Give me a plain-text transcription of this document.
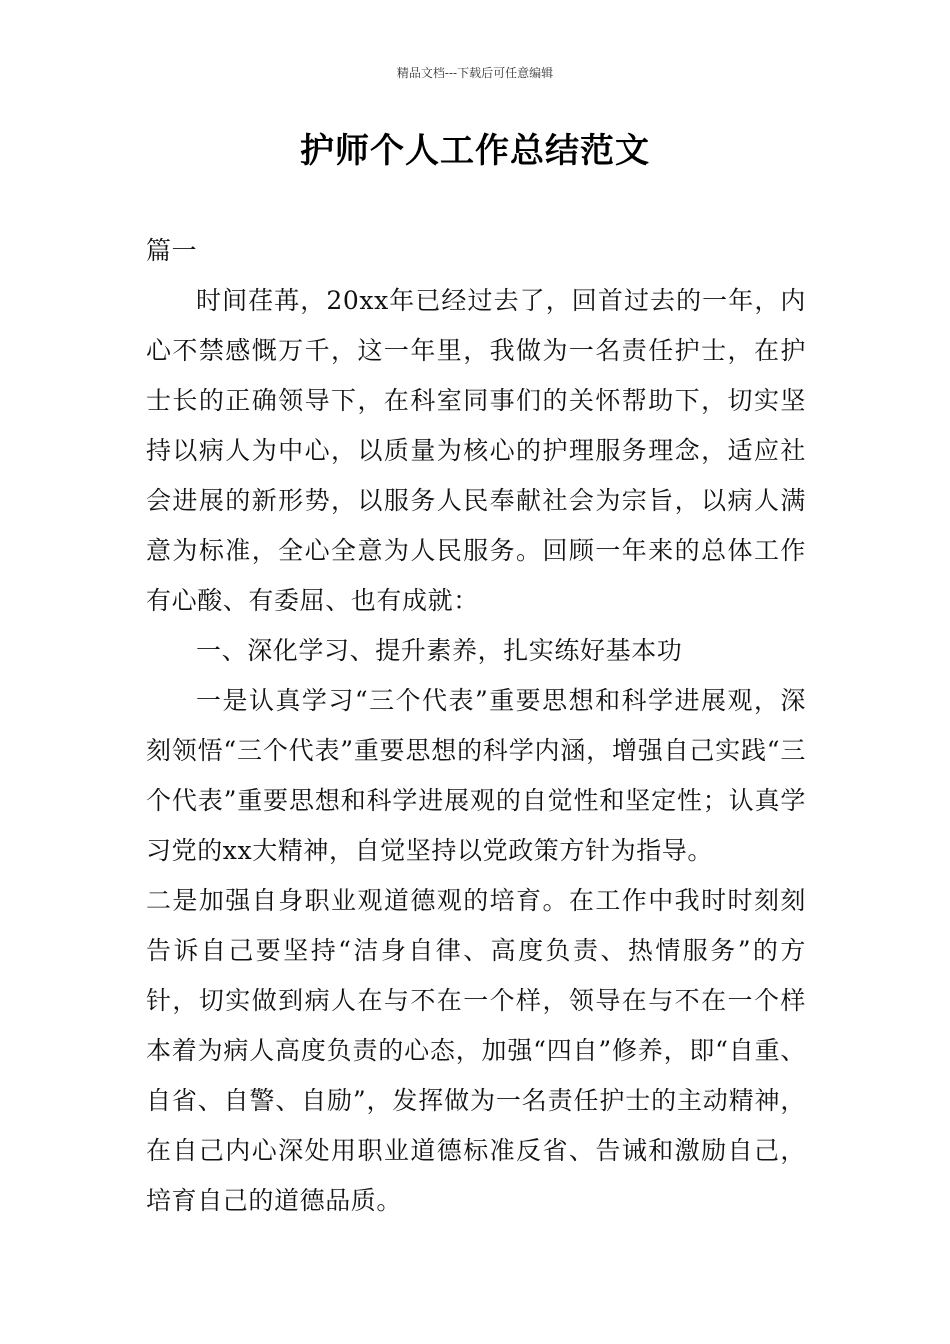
精品文档---下载后可任意编辑
护师个人工作总结范文

篇一

时间荏苒，20xx年已经过去了，回首过去的一年，内心不禁感慨万千，这一年里，我做为一名责任护士，在护士长的正确领导下，在科室同事们的关怀帮助下，切实坚持以病人为中心，以质量为核心的护理服务理念，适应社会进展的新形势，以服务人民奉献社会为宗旨，以病人满意为标准，全心全意为人民服务。回顾一年来的总体工作有心酸、有委屈、也有成就：

一、深化学习、提升素养，扎实练好基本功

一是认真学习“三个代表”重要思想和科学进展观，深刻领悟“三个代表”重要思想的科学内涵，增强自己实践“三个代表”重要思想和科学进展观的自觉性和坚定性；认真学习党的xx大精神，自觉坚持以党政策方针为指导。

二是加强自身职业观道德观的培育。在工作中我时时刻刻告诉自己要坚持“洁身自律、高度负责、热情服务”的方针，切实做到病人在与不在一个样，领导在与不在一个样本着为病人高度负责的心态，加强“四自”修养，即“自重、自省、自警、自励”，发挥做为一名责任护士的主动精神，在自己内心深处用职业道德标准反省、告诫和激励自己，培育自己的道德品质。
